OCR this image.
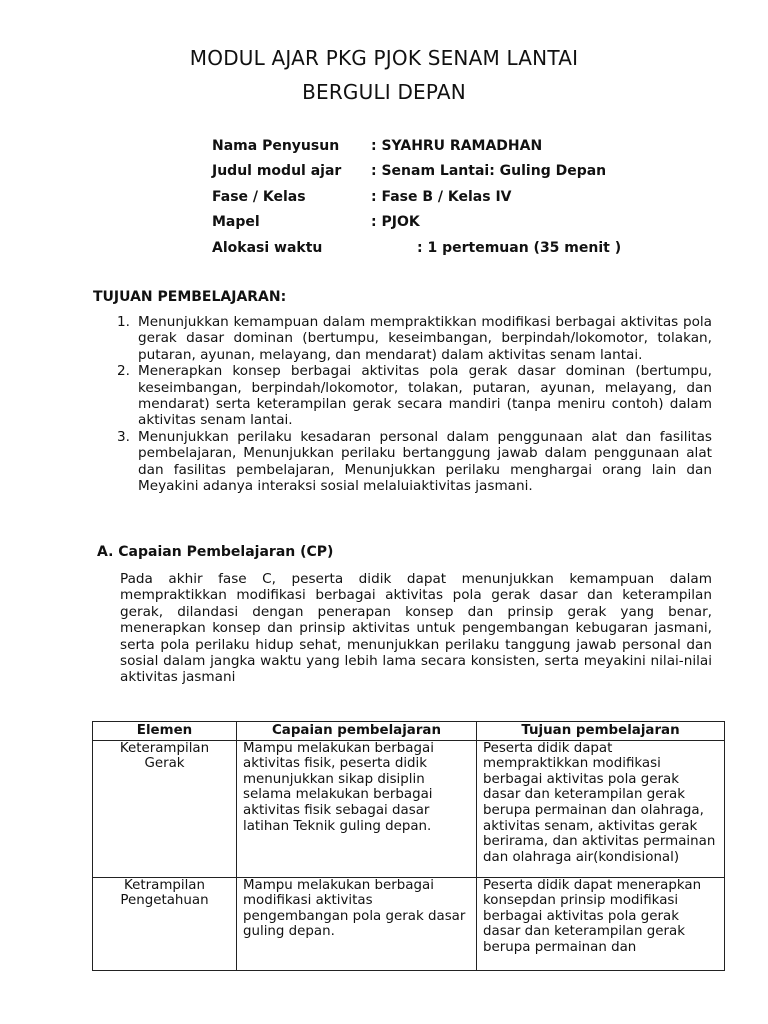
MODUL AJAR PKG PJOK SENAM LANTAI
BERGULI DEPAN
Nama Penyusun : SYAHRU RAMADHAN
Judul modul ajar : Senam Lantai: Guling Depan
Fase / Kelas	: Fase B / Kelas IV
Mapel	: PJOK
Alokasi waktu	: 1 pertemuan (35 menit )
TUJUAN PEMBELAJARAN:
1. Menunjukkan kemampuan dalam mempraktikkan modifikasi berbagai aktivitas pola gerak dasar dominan (bertumpu, keseimbangan, berpindah/lokomotor, tolakan, putaran, ayunan, melayang, dan mendarat) dalam aktivitas senam lantai.
2. Menerapkan konsep berbagai aktivitas pola gerak dasar dominan (bertumpu, keseimbangan, berpindah/lokomotor, tolakan, putaran, ayunan, melayang, dan mendarat) serta keterampilan gerak secara mandiri (tanpa meniru contoh) dalam aktivitas senam lantai.
3. Menunjukkan perilaku kesadaran personal dalam penggunaan alat dan fasilitas pembelajaran, Menunjukkan perilaku bertanggung jawab dalam penggunaan alat dan fasilitas pembelajaran, Menunjukkan perilaku menghargai orang lain dan Meyakini adanya interaksi sosial melaluiaktivitas jasmani.
A. Capaian Pembelajaran (CP)
Pada akhir fase C, peserta didik dapat menunjukkan kemampuan dalam mempraktikkan modifikasi berbagai aktivitas pola gerak dasar dan keterampilan gerak, dilandasi dengan penerapan konsep dan prinsip gerak yang benar, menerapkan konsep dan prinsip aktivitas untuk pengembangan kebugaran jasmani, serta pola perilaku hidup sehat, menunjukkan perilaku tanggung jawab personal dan sosial dalam jangka waktu yang lebih lama secara konsisten, serta meyakini nilai-nilai aktivitas jasmani
Elemen	Capaian pembelajaran	Tujuan pembelajaran
Keterampilan Gerak	Mampu melakukan berbagai aktivitas fisik, peserta didik menunjukkan sikap disiplin selama melakukan berbagai aktivitas fisik sebagai dasar latihan Teknik guling depan.	Peserta didik dapat mempraktikkan modifikasi berbagai aktivitas pola gerak dasar dan keterampilan gerak berupa permainan dan olahraga, aktivitas senam, aktivitas gerak berirama, dan aktivitas permainan dan olahraga air(kondisional)
Ketrampilan Pengetahuan	Mampu melakukan berbagai modifikasi aktivitas pengembangan pola gerak dasar guling depan.	Peserta didik dapat menerapkan konsepdan prinsip modifikasi berbagai aktivitas pola gerak dasar dan keterampilan gerak berupa permainan dan
